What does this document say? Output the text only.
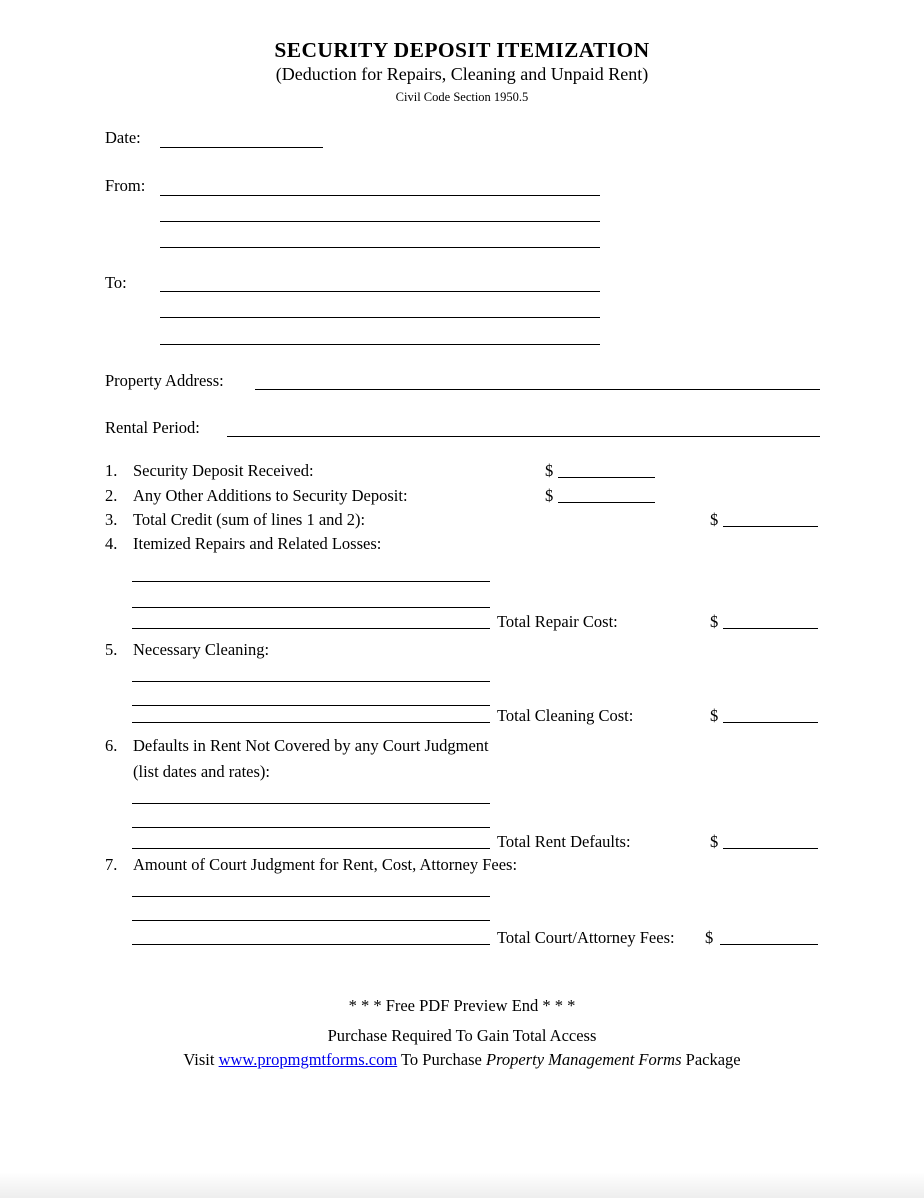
SECURITY DEPOSIT ITEMIZATION
(Deduction for Repairs, Cleaning and Unpaid Rent)
Civil Code Section 1950.5
Date:
From:
To:
Property Address:
Rental Period:
1. Security Deposit Received:	$
2. Any Other Additions to Security Deposit:	$
3. Total Credit (sum of lines 1 and 2):	$
4. Itemized Repairs and Related Losses:
Total Repair Cost:	$
5. Necessary Cleaning:
Total Cleaning Cost:	$
6. Defaults in Rent Not Covered by any Court Judgment
(list dates and rates):
Total Rent Defaults:	$
7. Amount of Court Judgment for Rent, Cost, Attorney Fees:
Total Court/Attorney Fees: $
* * * Free PDF Preview End * * *
Purchase Required To Gain Total Access
Visit www.propmgmtforms.com To Purchase Property Management Forms Package
